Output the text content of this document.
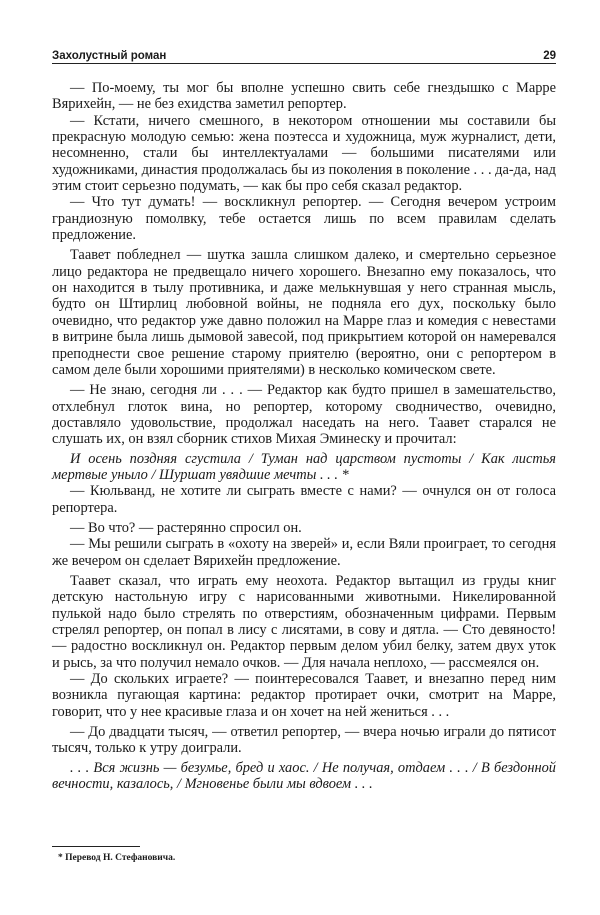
Захолустный роман	29

— По-моему, ты мог бы вполне успешно свить себе гнездышко с Марре Вярихейн, — не без ехидства заметил репортер.

— Кстати, ничего смешного, в некотором отношении мы составили бы прекрасную молодую семью: жена поэтесса и художница, муж журналист, дети, несомненно, стали бы интеллектуалами — большими писателями или художниками, династия продолжалась бы из поколения в поколение . . . да-да, над этим стоит серьезно подумать, — как бы про себя сказал редактор.

— Что тут думать! — воскликнул репортер. — Сегодня вечером устроим грандиозную помолвку, тебе остается лишь по всем правилам сделать предложение.

Таавет побледнел — шутка зашла слишком далеко, и смертельно серьезное лицо редактора не предвещало ничего хорошего. Внезапно ему показалось, что он находится в тылу противника, и даже мелькнувшая у него странная мысль, будто он Штирлиц любовной войны, не подняла его дух, поскольку было очевидно, что редактор уже давно положил на Марре глаз и комедия с невестами в витрине была лишь дымовой завесой, под прикрытием которой он намеревался преподнести свое решение старому приятелю (вероятно, они с репортером в самом деле были хорошими приятелями) в несколько комическом свете.

— Не знаю, сегодня ли . . . — Редактор как будто пришел в замешательство, отхлебнул глоток вина, но репортер, которому сводничество, очевидно, доставляло удовольствие, продолжал наседать на него. Таавет старался не слушать их, он взял сборник стихов Михая Эминеску и прочитал:

И осень поздняя сгустила / Туман над царством пустоты / Как листья мертвые уныло / Шуршат увядшие мечты . . . *

— Кюльванд, не хотите ли сыграть вместе с нами? — очнулся он от голоса репортера.

— Во что? — растерянно спросил он.

— Мы решили сыграть в «охоту на зверей» и, если Вяли проиграет, то сегодня же вечером он сделает Вярихейн предложение.

Таавет сказал, что играть ему неохота. Редактор вытащил из груды книг детскую настольную игру с нарисованными животными. Никелированной пулькой надо было стрелять по отверстиям, обозначенным цифрами. Первым стрелял репортер, он попал в лису с лисятами, в сову и дятла. — Сто девяносто! — радостно воскликнул он. Редактор первым делом убил белку, затем двух уток и рысь, за что получил немало очков. — Для начала неплохо, — рассмеялся он.

— До скольких играете? — поинтересовался Таавет, и внезапно перед ним возникла пугающая картина: редактор протирает очки, смотрит на Марре, говорит, что у нее красивые глаза и он хочет на ней жениться . . .

— До двадцати тысяч, — ответил репортер, — вчера ночью играли до пятисот тысяч, только к утру доиграли.

. . . Вся жизнь — безумье, бред и хаос. / Не получая, отдаем . . . / В бездонной вечности, казалось, / Мгновенье были мы вдвоем . . .

* Перевод Н. Стефановича.
